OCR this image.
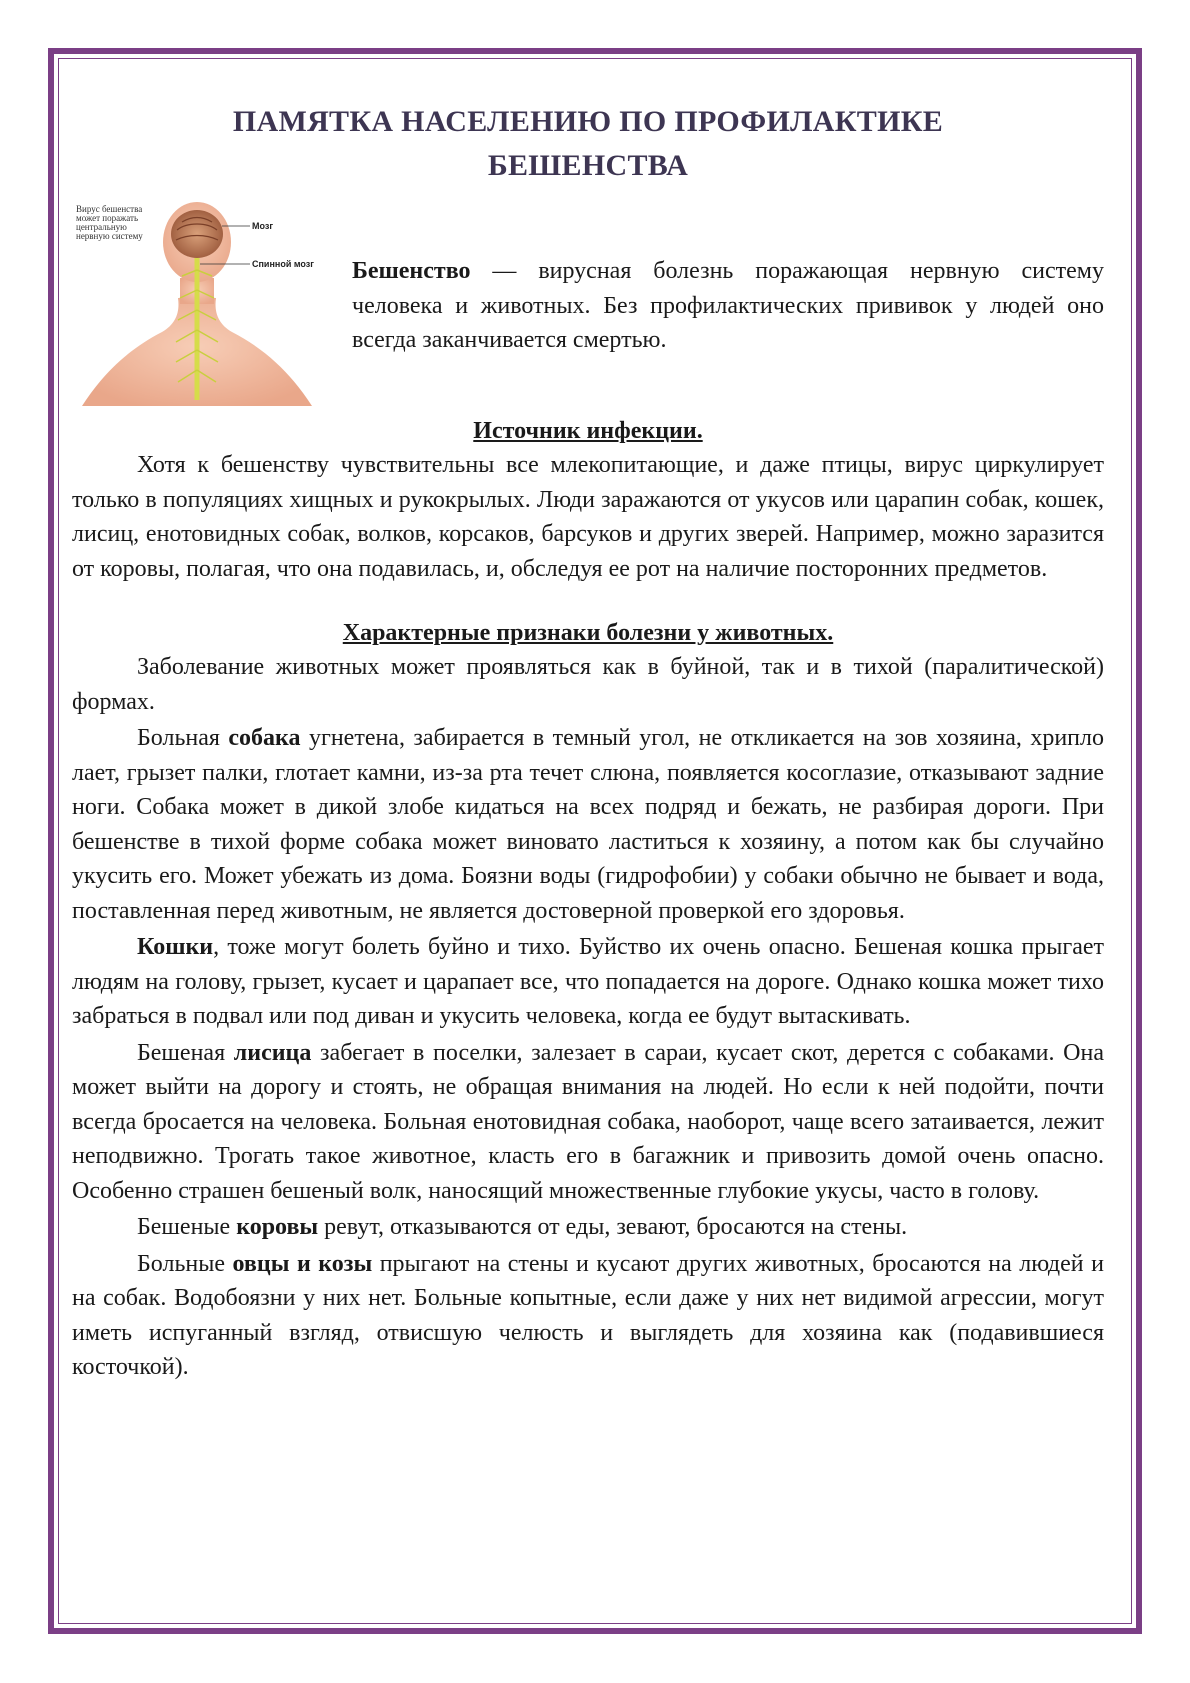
ПАМЯТКА НАСЕЛЕНИЮ ПО ПРОФИЛАКТИКЕ
БЕШЕНСТВА
Вирус бешенства может поражать центральную нервную систему
Мозг
Спинной мозг Бешенство — вирусная болезнь поражающая нервную систему человека и животных. Без профилактических прививок у людей оно всегда заканчивается смертью.

Источник инфекции.

Хотя к бешенству чувствительны все млекопитающие, и даже птицы, вирус циркулирует только в популяциях хищных и рукокрылых. Люди заражаются от укусов или царапин собак, кошек, лисиц, енотовидных собак, волков, корсаков, барсуков и других зверей. Например, можно заразится от коровы, полагая, что она подавилась, и, обследуя ее рот на наличие посторонних предметов.

Характерные признаки болезни у животных.

Заболевание животных может проявляться как в буйной, так и в тихой (паралитической) формах.

Больная собака угнетена, забирается в темный угол, не откликается на зов хозяина, хрипло лает, грызет палки, глотает камни, из-за рта течет слюна, появляется косоглазие, отказывают задние ноги. Собака может в дикой злобе кидаться на всех подряд и бежать, не разбирая дороги. При бешенстве в тихой форме собака может виновато ластиться к хозяину, а потом как бы случайно укусить его. Может убежать из дома. Боязни воды (гидрофобии) у собаки обычно не бывает и вода, поставленная перед животным, не является достоверной проверкой его здоровья.

Кошки, тоже могут болеть буйно и тихо. Буйство их очень опасно. Бешеная кошка прыгает людям на голову, грызет, кусает и царапает все, что попадается на дороге. Однако кошка может тихо забраться в подвал или под диван и укусить человека, когда ее будут вытаскивать.

Бешеная лисица забегает в поселки, залезает в сараи, кусает скот, дерется с собаками. Она может выйти на дорогу и стоять, не обращая внимания на людей. Но если к ней подойти, почти всегда бросается на человека. Больная енотовидная собака, наоборот, чаще всего затаивается, лежит неподвижно. Трогать такое животное, класть его в багажник и привозить домой очень опасно. Особенно страшен бешеный волк, наносящий множественные глубокие укусы, часто в голову.

Бешеные коровы ревут, отказываются от еды, зевают, бросаются на стены.

Больные овцы и козы прыгают на стены и кусают других животных, бросаются на людей и на собак. Водобоязни у них нет. Больные копытные, если даже у них нет видимой агрессии, могут иметь испуганный взгляд, отвисшую челюсть и выглядеть для хозяина как (подавившиеся косточкой).
